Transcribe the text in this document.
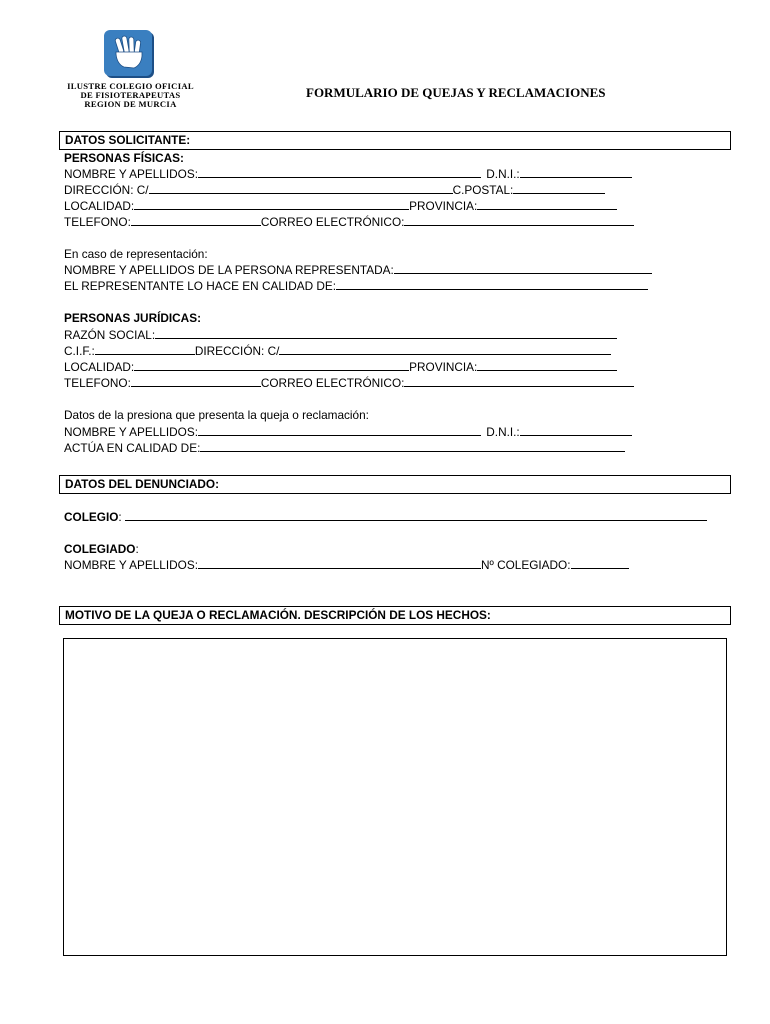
ILUSTRE COLEGIO OFICIAL
DE FISIOTERAPEUTAS
REGION DE MURCIA
FORMULARIO DE QUEJAS Y RECLAMACIONES
DATOS SOLICITANTE:
PERSONAS FÍSICAS:
NOMBRE Y APELLIDOS:	D.N.I.:
DIRECCIÓN: C/	C.POSTAL:
LOCALIDAD:	PROVINCIA:
TELEFONO:	CORREO ELECTRÓNICO:
En caso de representación:
NOMBRE Y APELLIDOS DE LA PERSONA REPRESENTADA:
EL REPRESENTANTE LO HACE EN CALIDAD DE:
PERSONAS JURÍDICAS:
RAZÓN SOCIAL:
C.I.F.:	DIRECCIÓN: C/
LOCALIDAD:	PROVINCIA:
TELEFONO:	CORREO ELECTRÓNICO:
Datos de la presiona que presenta la queja o reclamación:
NOMBRE Y APELLIDOS:	D.N.I.:
ACTÚA EN CALIDAD DE:
DATOS DEL DENUNCIADO:
COLEGIO:
COLEGIADO:
NOMBRE Y APELLIDOS:	Nº COLEGIADO:
MOTIVO DE LA QUEJA O RECLAMACIÓN. DESCRIPCIÓN DE LOS HECHOS:
